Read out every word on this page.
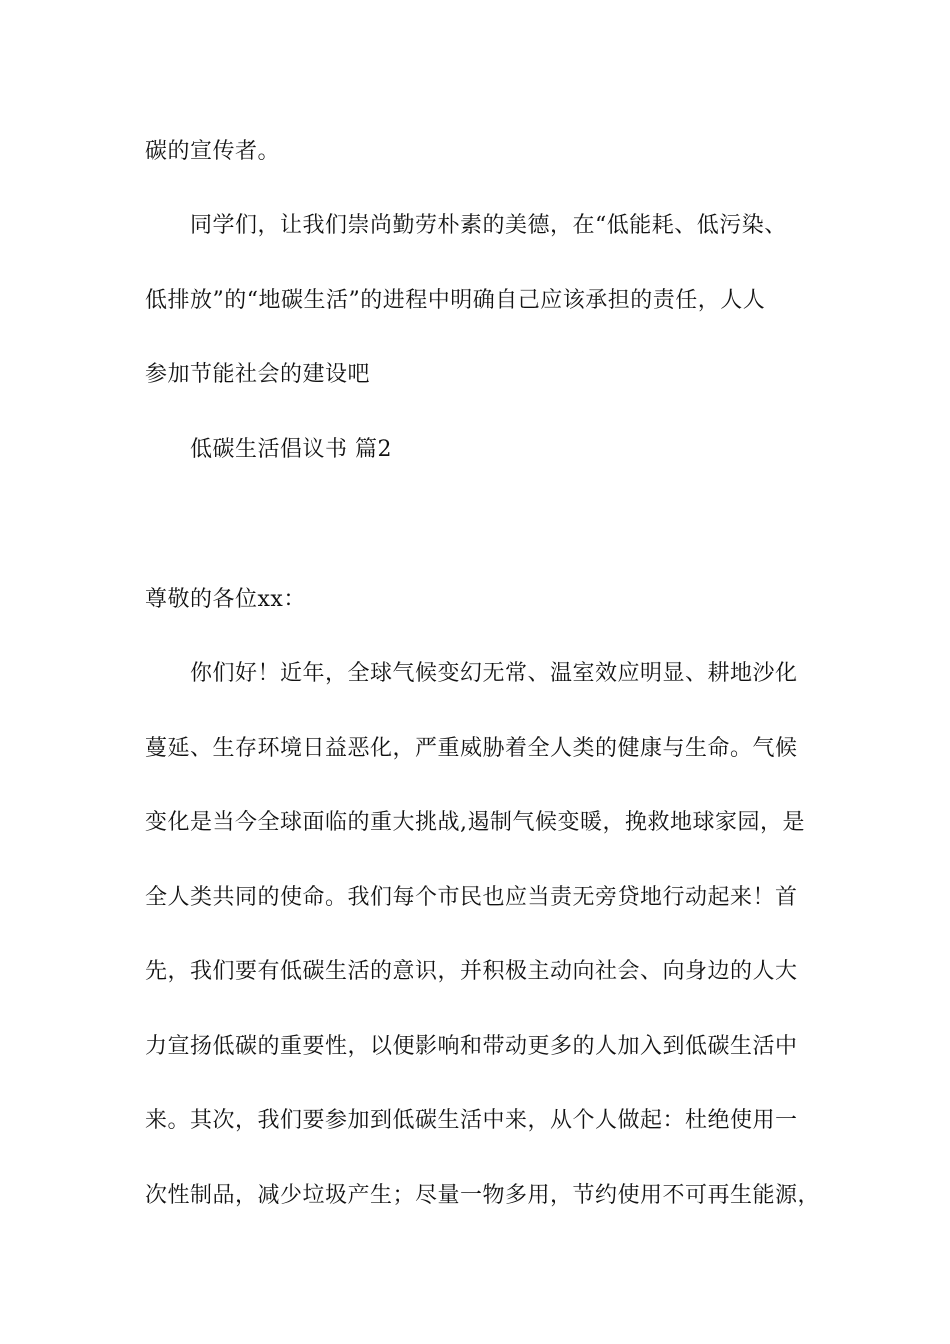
碳的宣传者。
同学们，让我们崇尚勤劳朴素的美德，在“低能耗、低污染、
低排放”的“地碳生活”的进程中明确自己应该承担的责任，人人
参加节能社会的建设吧
低碳生活倡议书 篇2
尊敬的各位xx：
你们好！近年，全球气候变幻无常、温室效应明显、耕地沙化
蔓延、生存环境日益恶化，严重威胁着全人类的健康与生命。气候
变化是当今全球面临的重大挑战,遏制气候变暖，挽救地球家园，是
全人类共同的使命。我们每个市民也应当责无旁贷地行动起来！首
先，我们要有低碳生活的意识，并积极主动向社会、向身边的人大
力宣扬低碳的重要性，以便影响和带动更多的人加入到低碳生活中
来。其次，我们要参加到低碳生活中来，从个人做起：杜绝使用一
次性制品，减少垃圾产生；尽量一物多用，节约使用不可再生能源，
